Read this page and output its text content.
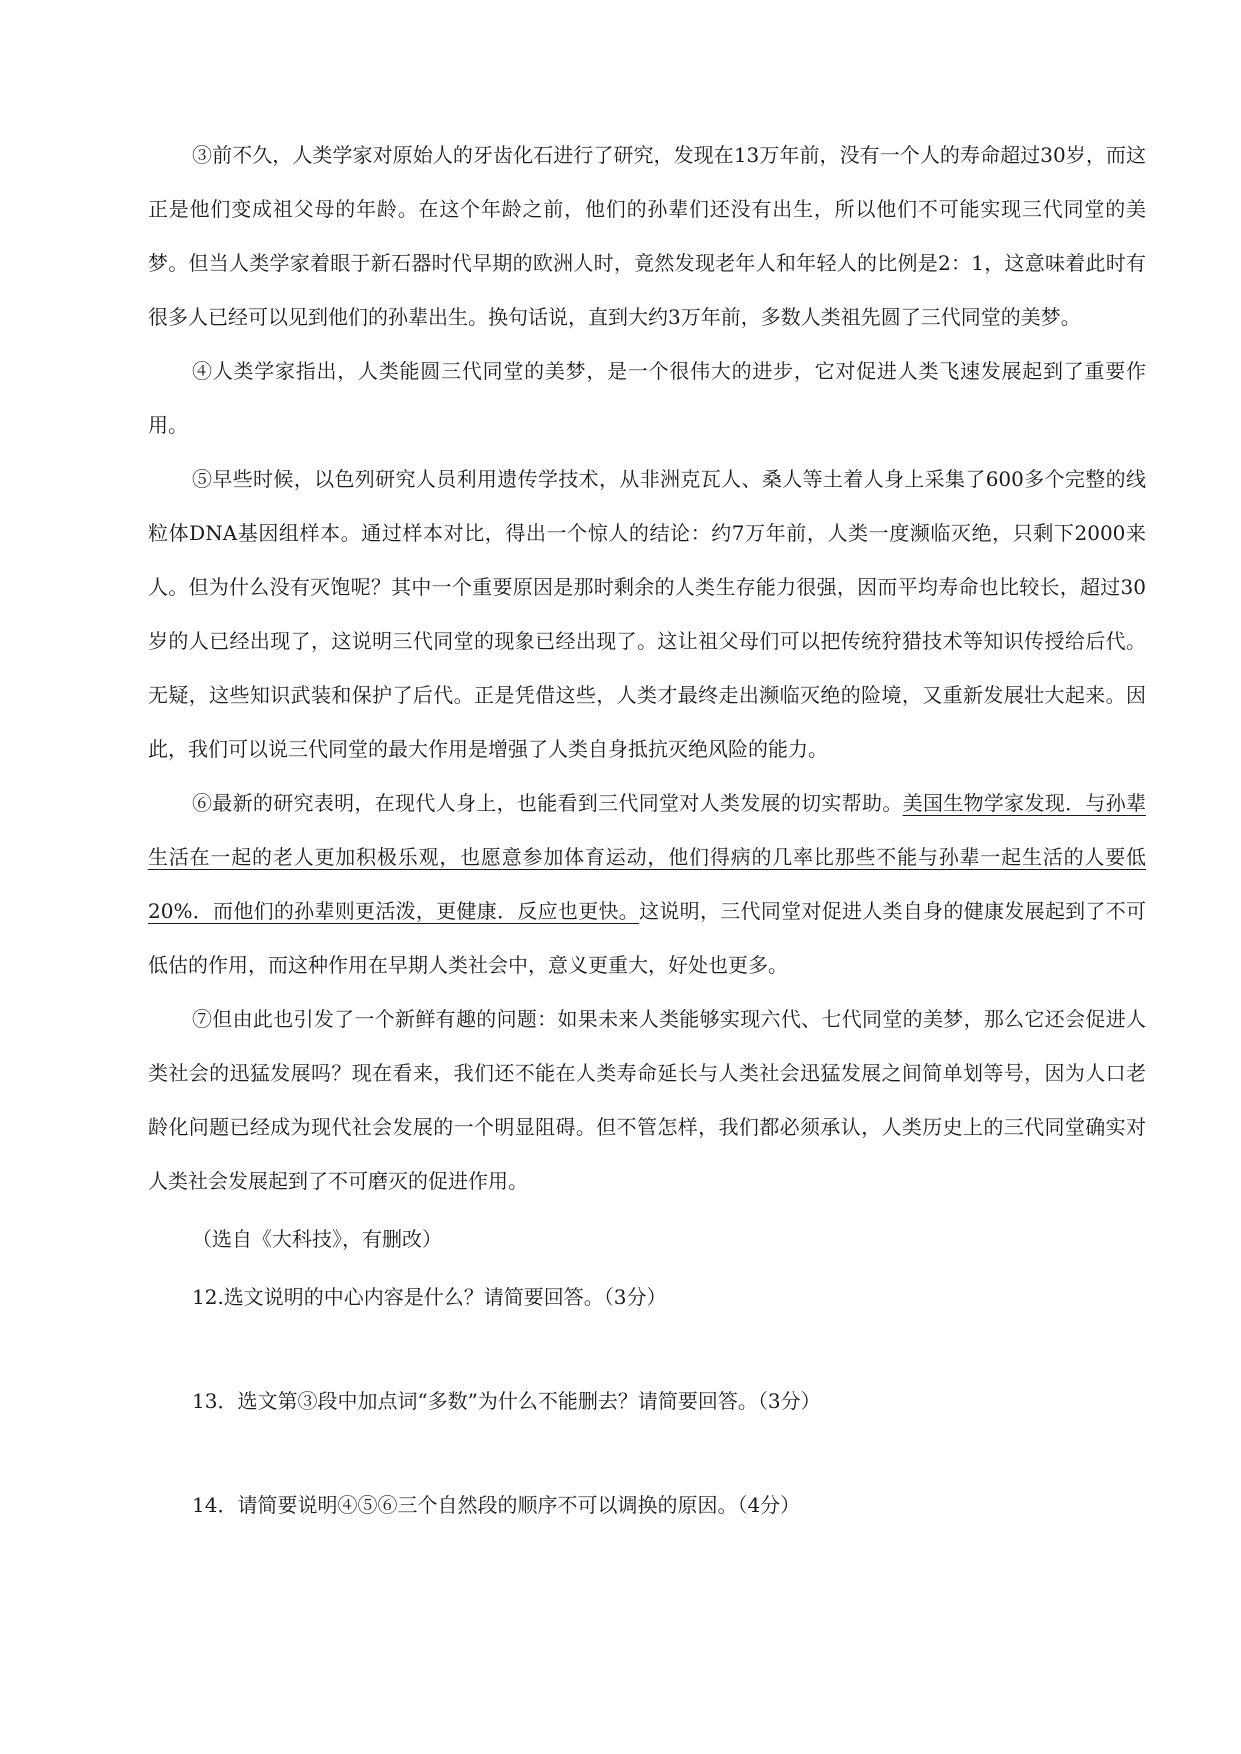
③前不久，人类学家对原始人的牙齿化石进行了研究，发现在13万年前，没有一个人的寿命超过30岁，而这正是他们变成祖父母的年龄。在这个年龄之前，他们的孙辈们还没有出生，所以他们不可能实现三代同堂的美梦。但当人类学家着眼于新石器时代早期的欧洲人时，竟然发现老年人和年轻人的比例是2：1，这意味着此时有很多人已经可以见到他们的孙辈出生。换句话说，直到大约3万年前，多数人类祖先圆了三代同堂的美梦。

④人类学家指出，人类能圆三代同堂的美梦，是一个很伟大的进步，它对促进人类飞速发展起到了重要作用。

⑤早些时候，以色列研究人员利用遗传学技术，从非洲克瓦人、桑人等土着人身上采集了600多个完整的线粒体DNA基因组样本。通过样本对比，得出一个惊人的结论：约7万年前，人类一度濒临灭绝，只剩下2000来人。但为什么没有灭饱呢？其中一个重要原因是那时剩余的人类生存能力很强，因而平均寿命也比较长，超过30岁的人已经出现了，这说明三代同堂的现象已经出现了。这让祖父母们可以把传统狩猎技术等知识传授给后代。无疑，这些知识武装和保护了后代。正是凭借这些，人类才最终走出濒临灭绝的险境，又重新发展壮大起来。因此，我们可以说三代同堂的最大作用是增强了人类自身抵抗灭绝风险的能力。

⑥最新的研究表明，在现代人身上，也能看到三代同堂对人类发展的切实帮助。美国生物学家发现．与孙辈生活在一起的老人更加积极乐观，也愿意参加体育运动，他们得病的几率比那些不能与孙辈一起生活的人要低20%．而他们的孙辈则更活泼，更健康．反应也更快。这说明，三代同堂对促进人类自身的健康发展起到了不可低估的作用，而这种作用在早期人类社会中，意义更重大，好处也更多。

⑦但由此也引发了一个新鲜有趣的问题：如果未来人类能够实现六代、七代同堂的美梦，那么它还会促进人类社会的迅猛发展吗？现在看来，我们还不能在人类寿命延长与人类社会迅猛发展之间简单划等号，因为人口老龄化问题已经成为现代社会发展的一个明显阻碍。但不管怎样，我们都必须承认，人类历史上的三代同堂确实对人类社会发展起到了不可磨灭的促进作用。

（选自《大科技》，有删改）

12.选文说明的中心内容是什么？请简要回答。（3分）

13．选文第③段中加点词“多数”为什么不能删去？请简要回答。（3分）

14．请简要说明④⑤⑥三个自然段的顺序不可以调换的原因。（4分）
